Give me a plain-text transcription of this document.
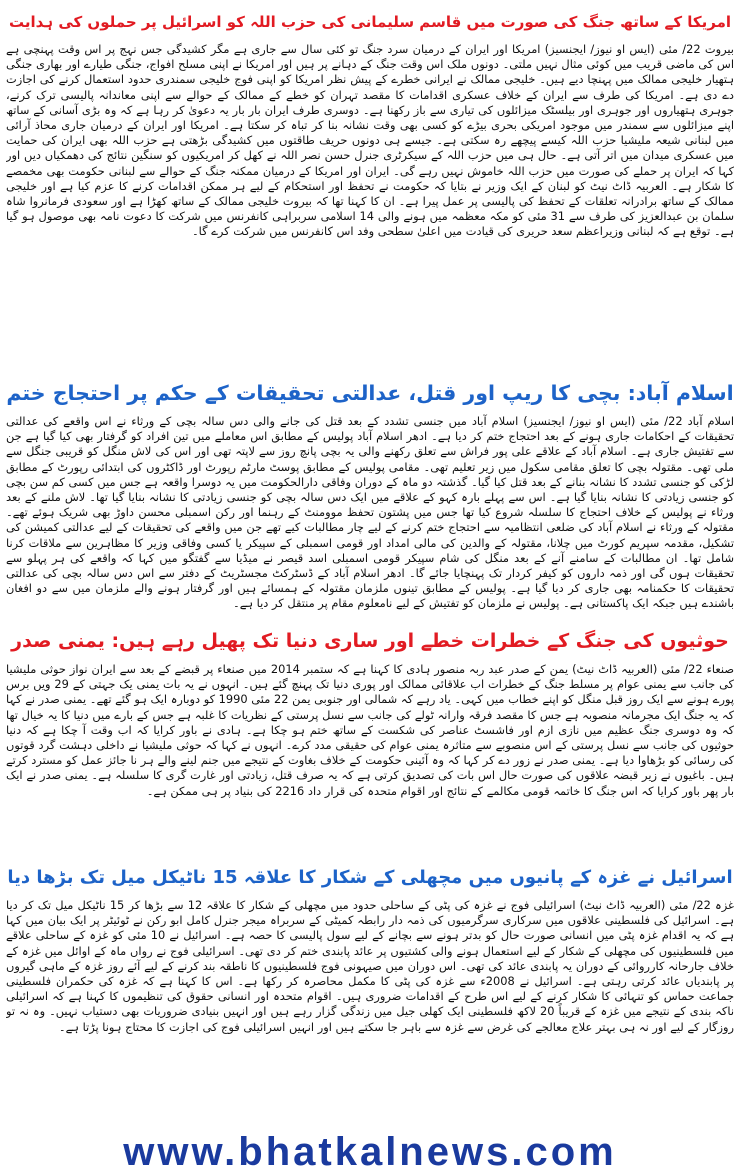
امریکا کے ساتھ جنگ کی صورت میں قاسم سلیمانی کی حزب اللہ کو اسرائیل پر حملوں کی ہدایت

بیروت 22/ مئی (ایس او نیوز/ ایجنسیز) امریکا اور ایران کے درمیان سرد جنگ تو کئی سال سے جاری ہے مگر کشیدگی جس نہج پر اس وقت پہنچی ہے اس کی ماضی قریب میں کوئی مثال نہیں ملتی۔ دونوں ملک اس وقت جنگ کے دہانے پر ہیں اور امریکا نے اپنی مسلح افواج، جنگی طیارے اور بھاری جنگی ہتھیار خلیجی ممالک میں پہنچا دیے ہیں۔ خلیجی ممالک نے ایرانی خطرے کے پیش نظر امریکا کو اپنی فوج خلیجی سمندری حدود استعمال کرنے کی اجازت دے دی ہے۔ امریکا کی طرف سے ایران کے خلاف عسکری اقدامات کا مقصد تہران کو خطے کے ممالک کے حوالے سے اپنی معاندانہ پالیسی ترک کرنے، جوہری ہتھیاروں اور جوہری اور بیلسٹک میزائلوں کی تیاری سے باز رکھنا ہے۔ دوسری طرف ایران بار بار یہ دعویٰ کر رہا ہے کہ وہ بڑی آسانی کے ساتھ اپنے میزائلوں سے سمندر میں موجود امریکی بحری بیڑے کو کسی بھی وقت نشانہ بنا کر تباہ کر سکتا ہے۔ امریکا اور ایران کے درمیان جاری محاذ آرائی میں لبنانی شیعہ ملیشیا حزب اللہ کیسے پیچھے رہ سکتی ہے۔ جیسے ہی دونوں حریف طاقتوں میں کشیدگی بڑھتی ہے حزب اللہ بھی ایران کی حمایت میں عسکری میدان میں اتر آتی ہے۔ حال ہی میں حزب اللہ کے سیکرٹری جنرل حسن نصر اللہ نے کھل کر امریکیوں کو سنگین نتائج کی دھمکیاں دیں اور کہا کہ ایران پر حملے کی صورت میں حزب اللہ خاموش نہیں رہے گی۔ ایران اور امریکا کے درمیان ممکنہ جنگ کے حوالے سے لبنانی حکومت بھی مخمصے کا شکار ہے۔ العربیہ ڈاٹ نیٹ کو لبنان کے ایک وزیر نے بتایا کہ حکومت نے تحفظ اور استحکام کے لیے ہر ممکن اقدامات کرنے کا عزم کیا ہے اور خلیجی ممالک کے ساتھ برادرانہ تعلقات کے تحفظ کی پالیسی پر عمل پیرا ہے۔ ان کا کہنا تھا کہ بیروت خلیجی ممالک کے ساتھ کھڑا ہے اور سعودی فرمانروا شاہ سلمان بن عبدالعزیز کی طرف سے 31 مئی کو مکہ معظمہ میں ہونے والی 14 اسلامی سربراہی کانفرنس میں شرکت کا دعوت نامہ بھی موصول ہو گیا ہے۔ توقع ہے کہ لبنانی وزیراعظم سعد حریری کی قیادت میں اعلیٰ سطحی وفد اس کانفرنس میں شرکت کرے گا۔

اسلام آباد: بچی کا ریپ اور قتل، عدالتی تحقیقات کے حکم پر احتجاج ختم

اسلام آباد 22/ مئی (ایس او نیوز/ ایجنسیز) اسلام آباد میں جنسی تشدد کے بعد قتل کی جانے والی دس سالہ بچی کے ورثاء نے اس واقعے کی عدالتی تحقیقات کے احکامات جاری ہونے کے بعد احتجاج ختم کر دیا ہے۔ ادھر اسلام آباد پولیس کے مطابق اس معاملے میں تین افراد کو گرفتار بھی کیا گیا ہے جن سے تفتیش جاری ہے۔ اسلام آباد کے علاقے علی پور فراش سے تعلق رکھنے والی یہ بچی پانچ روز سے لاپتہ تھی اور اس کی لاش منگل کو قریبی جنگل سے ملی تھی۔ مقتولہ بچی کا تعلق مقامی سکول میں زیر تعلیم تھی۔ مقامی پولیس کے مطابق پوسٹ مارٹم رپورٹ اور ڈاکٹروں کی ابتدائی رپورٹ کے مطابق لڑکی کو جنسی تشدد کا نشانہ بنانے کے بعد قتل کیا گیا۔ گذشتہ دو ماہ کے دوران وفاقی دارالحکومت میں یہ دوسرا واقعہ ہے جس میں کسی کم سن بچی کو جنسی زیادتی کا نشانہ بنایا گیا ہے۔ اس سے پہلے بارہ کہو کے علاقے میں ایک دس سالہ بچی کو جنسی زیادتی کا نشانہ بنایا گیا تھا۔ لاش ملنے کے بعد ورثاء نے پولیس کے خلاف احتجاج کا سلسلہ شروع کیا تھا جس میں پشتون تحفظ موومنٹ کے رہنما اور رکن اسمبلی محسن داوڑ بھی شریک ہوئے تھے۔ مقتولہ کے ورثاء نے اسلام آباد کی ضلعی انتظامیہ سے احتجاج ختم کرنے کے لیے چار مطالبات کیے تھے جن میں واقعے کی تحقیقات کے لیے عدالتی کمیشن کی تشکیل، مقدمہ سپریم کورٹ میں چلانا، مقتولہ کے والدین کی مالی امداد اور قومی اسمبلی کے سپیکر یا کسی وفاقی وزیر کا مظاہرین سے ملاقات کرنا شامل تھا۔ ان مطالبات کے سامنے آنے کے بعد منگل کی شام سپیکر قومی اسمبلی اسد قیصر نے میڈیا سے گفتگو میں کہا کہ واقعے کی ہر پہلو سے تحقیقات ہوں گی اور ذمہ داروں کو کیفر کردار تک پہنچایا جائے گا۔ ادھر اسلام آباد کے ڈسٹرکٹ مجسٹریٹ کے دفتر سے اس دس سالہ بچی کی عدالتی تحقیقات کا حکمنامہ بھی جاری کر دیا گیا ہے۔ پولیس کے مطابق تینوں ملزمان مقتولہ کے ہمسائے ہیں اور گرفتار ہونے والے ملزمان میں سے دو افغان باشندے ہیں جبکہ ایک پاکستانی ہے۔ پولیس نے ملزمان کو تفتیش کے لیے نامعلوم مقام پر منتقل کر دیا ہے۔

حوثیوں کی جنگ کے خطرات خطے اور ساری دنیا تک پھیل رہے ہیں: یمنی صدر

صنعاء 22/ مئی (العربیہ ڈاٹ نیٹ) یمن کے صدر عبد ربہ منصور ہادی کا کہنا ہے کہ ستمبر 2014 میں صنعاء پر قبضے کے بعد سے ایران نواز حوثی ملیشیا کی جانب سے یمنی عوام پر مسلط جنگ کے خطرات اب علاقائی ممالک اور پوری دنیا تک پہنچ گئے ہیں۔ انہوں نے یہ بات یمنی یک جہتی کے 29 ویں برس پورے ہونے سے ایک روز قبل منگل کو اپنے خطاب میں کہی۔ یاد رہے کہ شمالی اور جنوبی یمن 22 مئی 1990 کو دوبارہ ایک ہو گئے تھے۔ یمنی صدر نے کہا کہ یہ جنگ ایک مجرمانہ منصوبہ ہے جس کا مقصد فرقہ وارانہ ٹولے کی جانب سے نسل پرستی کے نظریات کا غلبہ ہے جس کے بارے میں دنیا کا یہ خیال تھا کہ وہ دوسری جنگ عظیم میں نازی ازم اور فاشسٹ عناصر کی شکست کے ساتھ ختم ہو چکا ہے۔ ہادی نے باور کرایا کہ اب وقت آ چکا ہے کہ دنیا حوثیوں کی جانب سے نسل پرستی کے اس منصوبے سے متاثرہ یمنی عوام کی حقیقی مدد کرے۔ انہوں نے کہا کہ حوثی ملیشیا نے داخلی دہشت گرد قوتوں کی رسائی کو بڑھاوا دیا ہے۔ یمنی صدر نے زور دے کر کہا کہ وہ آئینی حکومت کے خلاف بغاوت کے نتیجے میں جنم لینے والے ہر نا جائز عمل کو مسترد کرتے ہیں۔ باغیوں نے زیر قبضہ علاقوں کی صورت حال اس بات کی تصدیق کرتی ہے کہ یہ صرف قتل، زیادتی اور غارت گری کا سلسلہ ہے۔ یمنی صدر نے ایک بار پھر باور کرایا کہ اس جنگ کا خاتمہ قومی مکالمے کے نتائج اور اقوام متحدہ کی قرار داد 2216 کی بنیاد پر ہی ممکن ہے۔

اسرائیل نے غزہ کے پانیوں میں مچھلی کے شکار کا علاقہ 15 ناٹیکل میل تک بڑھا دیا

غزہ 22/ مئی (العربیہ ڈاٹ نیٹ) اسرائیلی فوج نے غزہ کی پٹی کے ساحلی حدود میں مچھلی کے شکار کا علاقہ 12 سے بڑھا کر 15 ناٹیکل میل تک کر دیا ہے۔ اسرائیل کی فلسطینی علاقوں میں سرکاری سرگرمیوں کی ذمہ دار رابطہ کمیٹی کے سربراہ میجر جنرل کامل ابو رکن نے ٹوئیٹر پر ایک بیان میں کہا ہے کہ یہ اقدام غزہ پٹی میں انسانی صورت حال کو بدتر ہونے سے بچانے کے لیے سول پالیسی کا حصہ ہے۔ اسرائیل نے 10 مئی کو غزہ کے ساحلی علاقے میں فلسطینیوں کی مچھلی کے شکار کے لیے استعمال ہونے والی کشتیوں پر عائد پابندی ختم کر دی تھی۔ اسرائیلی فوج نے رواں ماہ کے اوائل میں غزہ کے خلاف جارحانہ کارروائی کے دوران یہ پابندی عائد کی تھی۔ اس دوران میں صیہونی فوج فلسطینیوں کا ناطقہ بند کرنے کے لیے آئے روز غزہ کے ماہی گیروں پر پابندیاں عائد کرتی رہتی ہے۔ اسرائیل نے 2008ء سے غزہ کی پٹی کا مکمل محاصرہ کر رکھا ہے۔ اس کا کہنا ہے کہ غزہ کی حکمران فلسطینی جماعت حماس کو تنہائی کا شکار کرنے کے لیے اس طرح کے اقدامات ضروری ہیں۔ اقوام متحدہ اور انسانی حقوق کی تنظیموں کا کہنا ہے کہ اسرائیلی ناکہ بندی کے نتیجے میں غزہ کے قریباً 20 لاکھ فلسطینی ایک کھلی جیل میں زندگی گزار رہے ہیں اور انہیں بنیادی ضروریات بھی دستیاب نہیں۔ وہ نہ تو روزگار کے لیے اور نہ ہی بہتر علاج معالجے کی غرض سے غزہ سے باہر جا سکتے ہیں اور انہیں اسرائیلی فوج کی اجازت کا محتاج ہونا پڑتا ہے۔

www.bhatkalnews.com
